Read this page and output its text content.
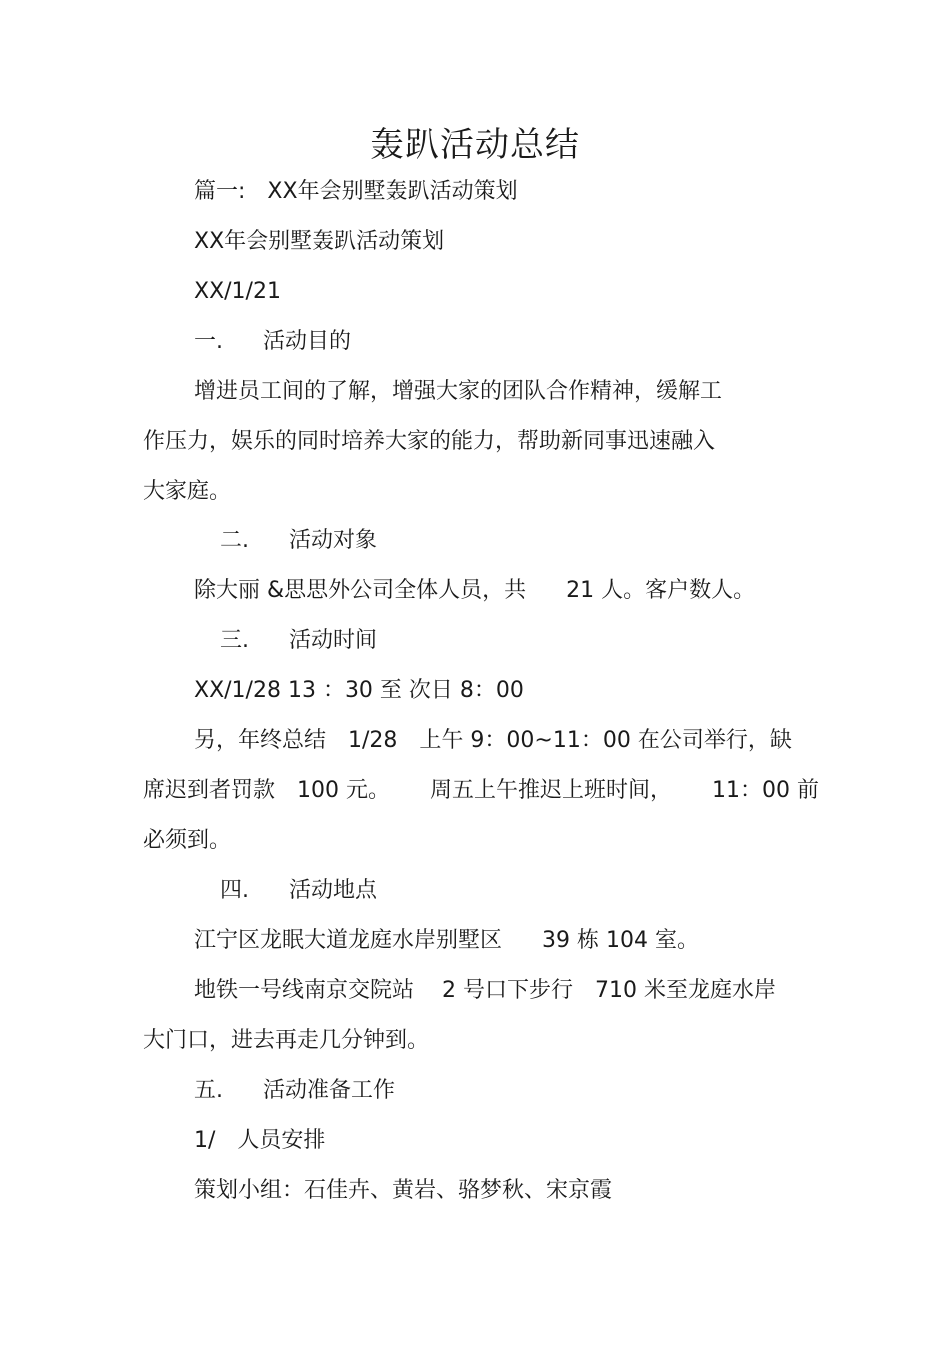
轰趴活动总结
篇一: XX年会别墅轰趴活动策划
XX年会别墅轰趴活动策划
XX/1/21
一. 活动目的
增进员工间的了解，增强大家的团队合作精神，缓解工
作压力，娱乐的同时培养大家的能力，帮助新同事迅速融入
大家庭。
二. 活动对象
除大丽 &思思外公司全体人员，共 21 人。客户数人。
三. 活动时间
XX/1/28 13 ：30 至 次日 8：00
另，年终总结 1/28 上午 9：00~11：00 在公司举行，缺
席迟到者罚款 100 元。 周五上午推迟上班时间， 11：00 前
必须到。
四. 活动地点
江宁区龙眠大道龙庭水岸别墅区 39 栋 104 室。
地铁一号线南京交院站 2 号口下步行 710 米至龙庭水岸
大门口，进去再走几分钟到。
五. 活动准备工作
1/ 人员安排
策划小组：石佳卉、黄岩、骆梦秋、宋京霞
